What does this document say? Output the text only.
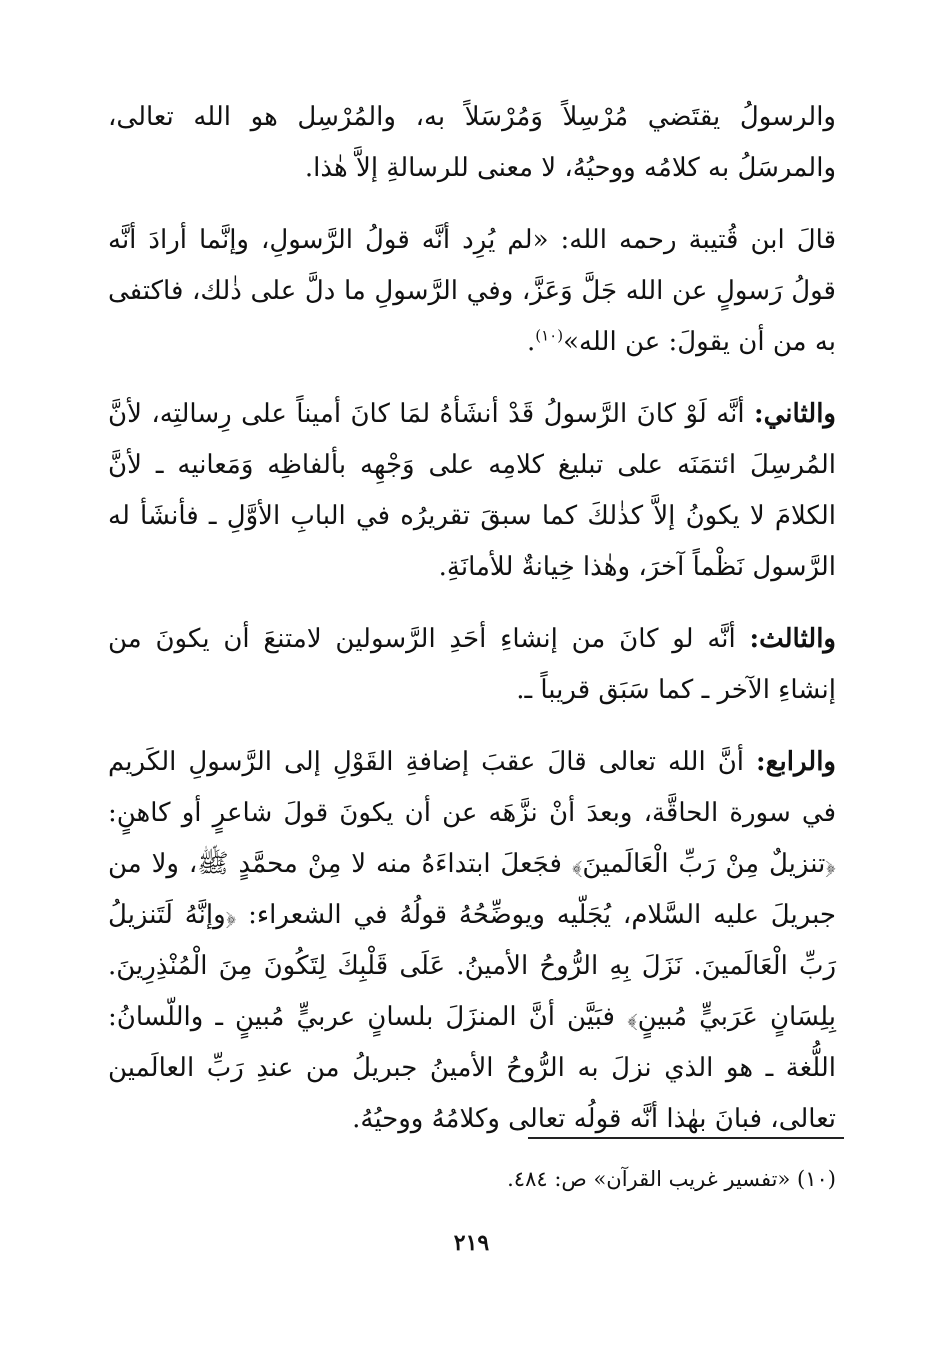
والرسولُ يقتَضي مُرْسِلاً وَمُرْسَلاً به، والمُرْسِل هو الله تعالى، والمرسَلُ به كلامُه ووحيُهُ، لا معنى للرسالةِ إلاَّ هٰذا.

قالَ ابن قُتيبة رحمه الله: «لم يُرِد أنَّه قولُ الرَّسولِ، وإنَّما أرادَ أنَّه قولُ رَسولٍ عن الله جَلَّ وَعَزَّ، وفي الرَّسولِ ما دلَّ على ذٰلك، فاكتفى به من أن يقولَ: عن الله»$^{(١٠)}$.

والثاني: أنَّه لَوْ كانَ الرَّسولُ قَدْ أنشَأهُ لمَا كانَ أميناً على رِسالتِه، لأنَّ المُرسِلَ ائتمَنَه على تبليغ كلامِه على وَجْهِه بألفاظِه وَمَعانيه ـ لأنَّ الكلامَ لا يكونُ إلاَّ كذٰلكَ كما سبقَ تقريرُه في البابِ الأوَّلِ ـ فأنشَأ له الرَّسول نَظْماً آخرَ، وهٰذا خِيانةٌ للأمانَةِ.

والثالث: أنَّه لو كانَ من إنشاءِ أحَدِ الرَّسولين لامتنعَ أن يكونَ من إنشاءِ الآخر ـ كما سَبَق قريباً ـ.

والرابع: أنَّ الله تعالى قالَ عقبَ إضافةِ القَوْلِ إلى الرَّسولِ الكَريم في سورة الحاقَّة، وبعدَ أنْ نزَّهَه عن أن يكونَ قولَ شاعرٍ أو كاهنٍ: ﴿تنزيلٌ مِنْ رَبِّ الْعَالَمينَ﴾ فجَعلَ ابتداءَهُ منه لا مِنْ محمَّدٍ ﷺ، ولا من جبريلَ عليه السَّلام، يُجَلّيه ويوضِّحُهُ قولُهُ في الشعراء: ﴿وإنَّهُ لَتَنزيلُ رَبِّ الْعَالَمينَ. نَزَلَ بِهِ الرُّوحُ الأمينُ. عَلَى قَلْبِكَ لِتَكُونَ مِنَ الْمُنْذِرِينَ. بِلِسَانٍ عَرَبيٍّ مُبينٍ﴾ فبَيَّن أنَّ المنزَلَ بلسانٍ عربيٍّ مُبينٍ ـ واللّسانُ: اللُّغة ـ هو الذي نزلَ به الرُّوحُ الأمينُ جبريلُ من عندِ رَبِّ العالَمين تعالى، فبانَ بهٰذا أنَّه قولُه تعالى وكلامُهُ ووحيُهُ.

(١٠) «تفسير غريب القرآن» ص: ٤٨٤.
٢١٩
